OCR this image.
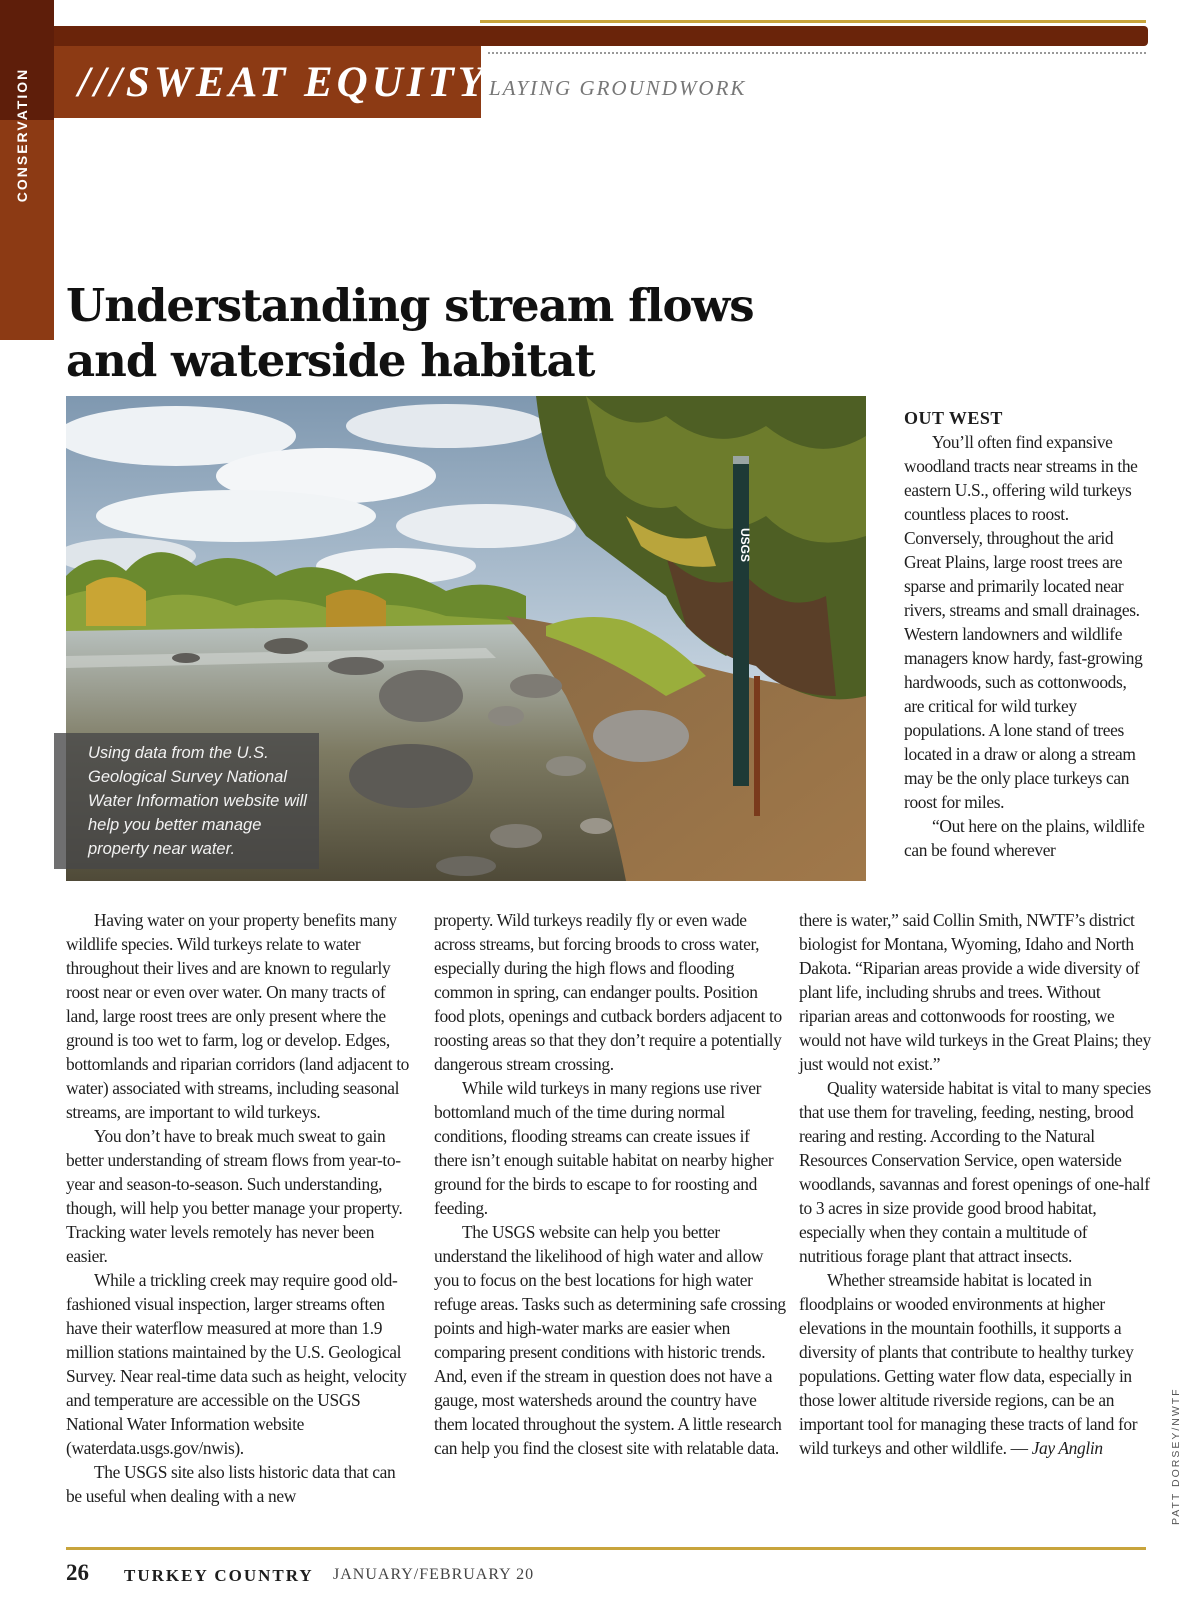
CONSERVATION ///SWEAT EQUITY LAYING GROUNDWORK
Understanding stream flows and waterside habitat
USGS
Using data from the U.S. Geological Survey National Water Information website will help you better manage property near water.

Having water on your property benefits many wildlife species. Wild turkeys relate to water throughout their lives and are known to regularly roost near or even over water. On many tracts of land, large roost trees are only present where the ground is too wet to farm, log or develop. Edges, bottomlands and riparian corridors (land adjacent to water) associated with streams, including seasonal streams, are important to wild turkeys.

You don’t have to break much sweat to gain better understanding of stream flows from year-to-year and season-to-season. Such understanding, though, will help you better manage your property. Tracking water levels remotely has never been easier.

While a trickling creek may require good old-fashioned visual inspection, larger streams often have their waterflow measured at more than 1.9 million stations maintained by the U.S. Geological Survey. Near real-time data such as height, velocity and temperature are accessible on the USGS National Water Information website (waterdata.usgs.gov/nwis).

The USGS site also lists historic data that can be useful when dealing with a new

property. Wild turkeys readily fly or even wade across streams, but forcing broods to cross water, especially during the high flows and flooding common in spring, can endanger poults. Position food plots, openings and cutback borders adjacent to roosting areas so that they don’t require a potentially dangerous stream crossing.

While wild turkeys in many regions use river bottomland much of the time during normal conditions, flooding streams can create issues if there isn’t enough suitable habitat on nearby higher ground for the birds to escape to for roosting and feeding.

The USGS website can help you better understand the likelihood of high water and allow you to focus on the best locations for high water refuge areas. Tasks such as determining safe crossing points and high-water marks are easier when comparing present conditions with historic trends. And, even if the stream in question does not have a gauge, most watersheds around the country have them located throughout the system. A little research can help you find the closest site with relatable data.

OUT WEST

You’ll often find expansive woodland tracts near streams in the eastern U.S., offering wild turkeys countless places to roost. Conversely, throughout the arid Great Plains, large roost trees are sparse and primarily located near rivers, streams and small drainages. Western landowners and wildlife managers know hardy, fast-growing hardwoods, such as cottonwoods, are critical for wild turkey populations. A lone stand of trees located in a draw or along a stream may be the only place turkeys can roost for miles.

“Out here on the plains, wildlife can be found wherever

there is water,” said Collin Smith, NWTF’s district biologist for Montana, Wyoming, Idaho and North Dakota. “Riparian areas provide a wide diversity of plant life, including shrubs and trees. Without riparian areas and cottonwoods for roosting, we would not have wild turkeys in the Great Plains; they just would not exist.”

Quality waterside habitat is vital to many species that use them for traveling, feeding, nesting, brood rearing and resting. According to the Natural Resources Conservation Service, open waterside woodlands, savannas and forest openings of one-half to 3 acres in size provide good brood habitat, especially when they contain a multitude of nutritious forage plant that attract insects.

Whether streamside habitat is located in floodplains or wooded environments at higher elevations in the mountain foothills, it supports a diversity of plants that contribute to healthy turkey populations. Getting water flow data, especially in those lower altitude riverside regions, can be an important tool for managing these tracts of land for wild turkeys and other wildlife. — Jay Anglin	PATT DORSEY/NWTF
26 TURKEY COUNTRY JANUARY/FEBRUARY 20
